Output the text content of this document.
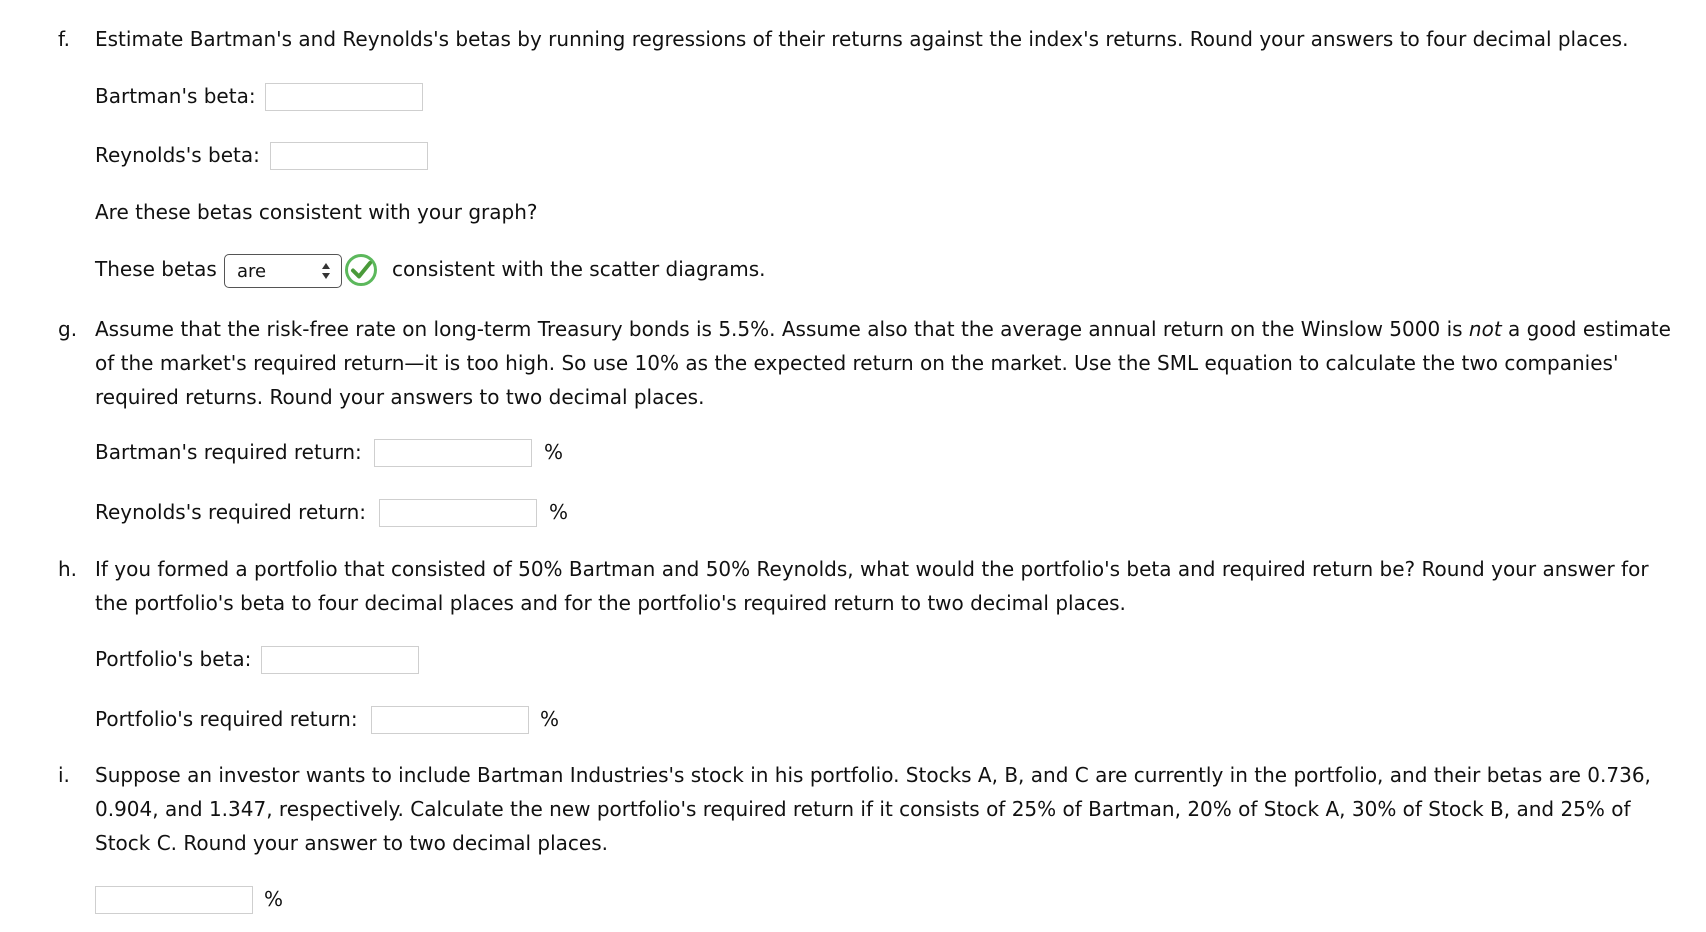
f. Estimate Bartman's and Reynolds's betas by running regressions of their returns against the index's returns. Round your answers to four decimal places.
Bartman's beta:
Reynolds's beta:
Are these betas consistent with your graph?
These betas are	consistent with the scatter diagrams.
g. Assume that the risk-free rate on long-term Treasury bonds is 5.5%. Assume also that the average annual return on the Winslow 5000 is not a good estimate
of the market's required return—it is too high. So use 10% as the expected return on the market. Use the SML equation to calculate the two companies'
required returns. Round your answers to two decimal places.
Bartman's required return:	%
Reynolds's required return:	%
h. If you formed a portfolio that consisted of 50% Bartman and 50% Reynolds, what would the portfolio's beta and required return be? Round your answer for
the portfolio's beta to four decimal places and for the portfolio's required return to two decimal places.
Portfolio's beta:
Portfolio's required return:	%
i. Suppose an investor wants to include Bartman Industries's stock in his portfolio. Stocks A, B, and C are currently in the portfolio, and their betas are 0.736,
0.904, and 1.347, respectively. Calculate the new portfolio's required return if it consists of 25% of Bartman, 20% of Stock A, 30% of Stock B, and 25% of
Stock C. Round your answer to two decimal places.
%
